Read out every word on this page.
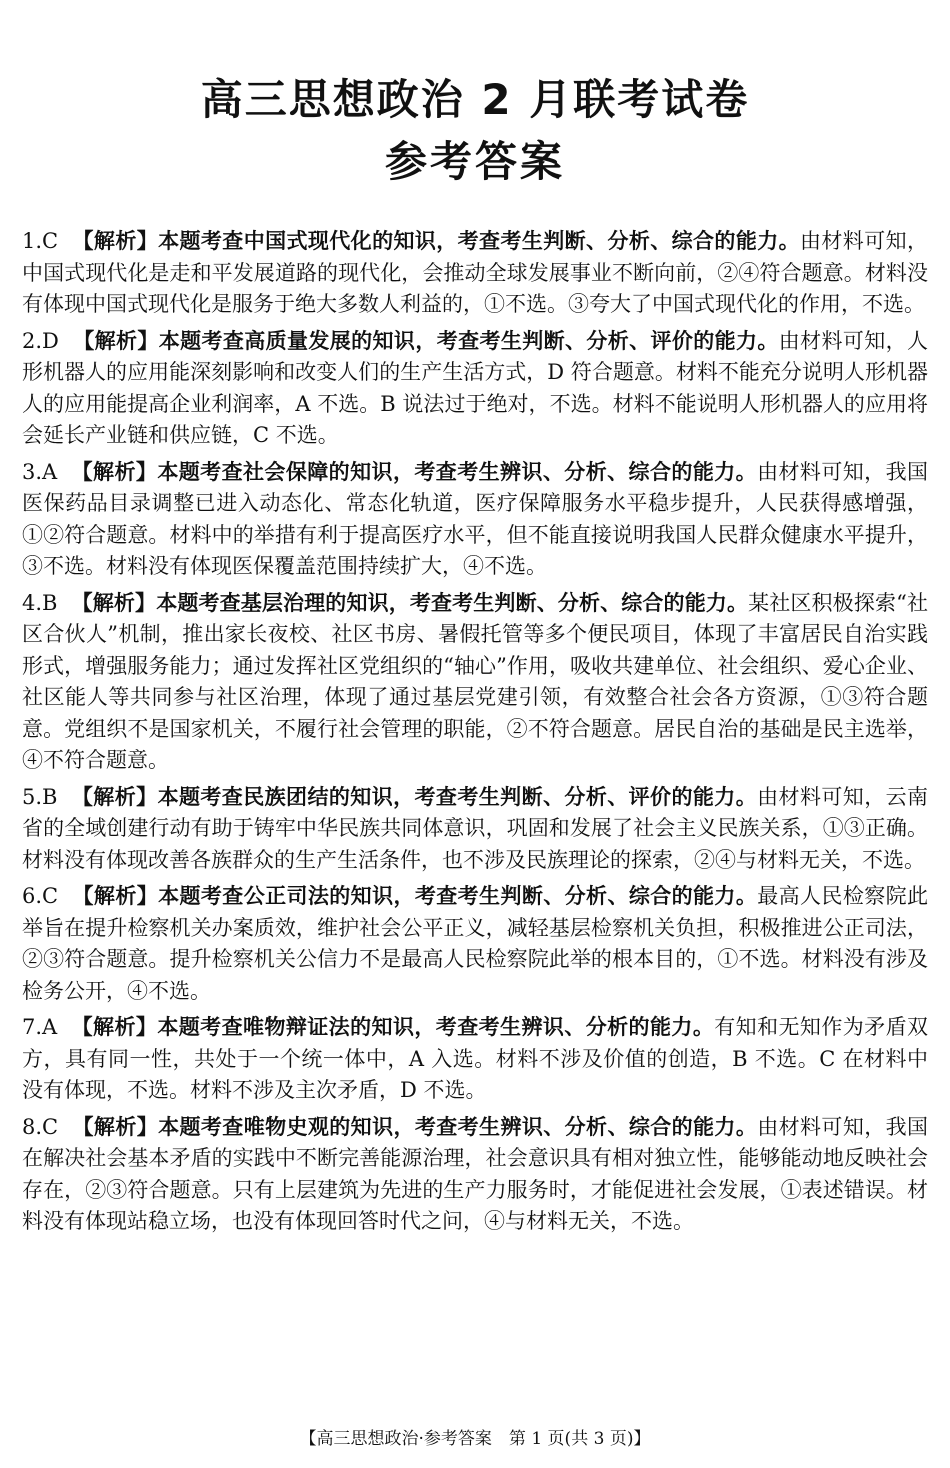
高三思想政治 2 月联考试卷
参考答案

1.C 【解析】本题考查中国式现代化的知识，考查考生判断、分析、综合的能力。由材料可知，中国式现代化是走和平发展道路的现代化，会推动全球发展事业不断向前，②④符合题意。材料没有体现中国式现代化是服务于绝大多数人利益的，①不选。③夸大了中国式现代化的作用，不选。

2.D 【解析】本题考查高质量发展的知识，考查考生判断、分析、评价的能力。由材料可知，人形机器人的应用能深刻影响和改变人们的生产生活方式，D 符合题意。材料不能充分说明人形机器人的应用能提高企业利润率，A 不选。B 说法过于绝对，不选。材料不能说明人形机器人的应用将会延长产业链和供应链，C 不选。

3.A 【解析】本题考查社会保障的知识，考查考生辨识、分析、综合的能力。由材料可知，我国医保药品目录调整已进入动态化、常态化轨道，医疗保障服务水平稳步提升，人民获得感增强，①②符合题意。材料中的举措有利于提高医疗水平，但不能直接说明我国人民群众健康水平提升，③不选。材料没有体现医保覆盖范围持续扩大，④不选。

4.B 【解析】本题考查基层治理的知识，考查考生判断、分析、综合的能力。某社区积极探索“社区合伙人”机制，推出家长夜校、社区书房、暑假托管等多个便民项目，体现了丰富居民自治实践形式，增强服务能力；通过发挥社区党组织的“轴心”作用，吸收共建单位、社会组织、爱心企业、社区能人等共同参与社区治理，体现了通过基层党建引领，有效整合社会各方资源，①③符合题意。党组织不是国家机关，不履行社会管理的职能，②不符合题意。居民自治的基础是民主选举，④不符合题意。

5.B 【解析】本题考查民族团结的知识，考查考生判断、分析、评价的能力。由材料可知，云南省的全域创建行动有助于铸牢中华民族共同体意识，巩固和发展了社会主义民族关系，①③正确。材料没有体现改善各族群众的生产生活条件，也不涉及民族理论的探索，②④与材料无关，不选。

6.C 【解析】本题考查公正司法的知识，考查考生判断、分析、综合的能力。最高人民检察院此举旨在提升检察机关办案质效，维护社会公平正义，减轻基层检察机关负担，积极推进公正司法，②③符合题意。提升检察机关公信力不是最高人民检察院此举的根本目的，①不选。材料没有涉及检务公开，④不选。

7.A 【解析】本题考查唯物辩证法的知识，考查考生辨识、分析的能力。有知和无知作为矛盾双方，具有同一性，共处于一个统一体中，A 入选。材料不涉及价值的创造，B 不选。C 在材料中没有体现，不选。材料不涉及主次矛盾，D 不选。

8.C 【解析】本题考查唯物史观的知识，考查考生辨识、分析、综合的能力。由材料可知，我国在解决社会基本矛盾的实践中不断完善能源治理，社会意识具有相对独立性，能够能动地反映社会存在，②③符合题意。只有上层建筑为先进的生产力服务时，才能促进社会发展，①表述错误。材料没有体现站稳立场，也没有体现回答时代之问，④与材料无关，不选。

【高三思想政治·参考答案　第 1 页(共 3 页)】
